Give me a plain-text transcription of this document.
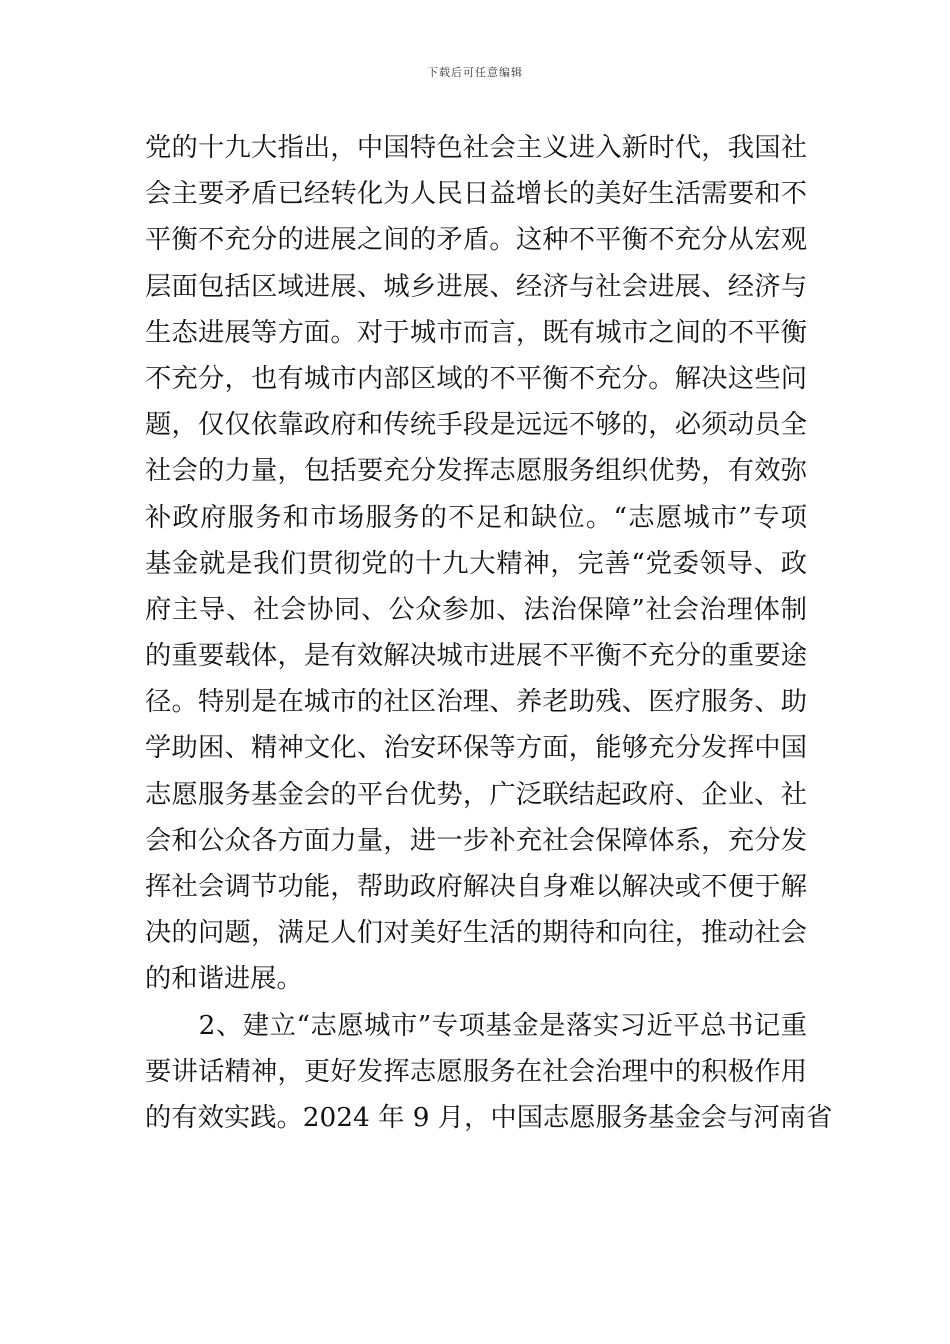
下载后可任意编辑
党的十九大指出，中国特色社会主义进入新时代，我国社
会主要矛盾已经转化为人民日益增长的美好生活需要和不
平衡不充分的进展之间的矛盾。这种不平衡不充分从宏观
层面包括区域进展、城乡进展、经济与社会进展、经济与
生态进展等方面。对于城市而言，既有城市之间的不平衡
不充分，也有城市内部区域的不平衡不充分。解决这些问
题，仅仅依靠政府和传统手段是远远不够的，必须动员全
社会的力量，包括要充分发挥志愿服务组织优势，有效弥
补政府服务和市场服务的不足和缺位。“志愿城市”专项
基金就是我们贯彻党的十九大精神，完善“党委领导、政
府主导、社会协同、公众参加、法治保障”社会治理体制
的重要载体，是有效解决城市进展不平衡不充分的重要途
径。特别是在城市的社区治理、养老助残、医疗服务、助
学助困、精神文化、治安环保等方面，能够充分发挥中国
志愿服务基金会的平台优势，广泛联结起政府、企业、社
会和公众各方面力量，进一步补充社会保障体系，充分发
挥社会调节功能，帮助政府解决自身难以解决或不便于解
决的问题，满足人们对美好生活的期待和向往，推动社会
的和谐进展。
　　2、建立“志愿城市”专项基金是落实习近平总书记重
要讲话精神，更好发挥志愿服务在社会治理中的积极作用
的有效实践。2024 年 9 月，中国志愿服务基金会与河南省
